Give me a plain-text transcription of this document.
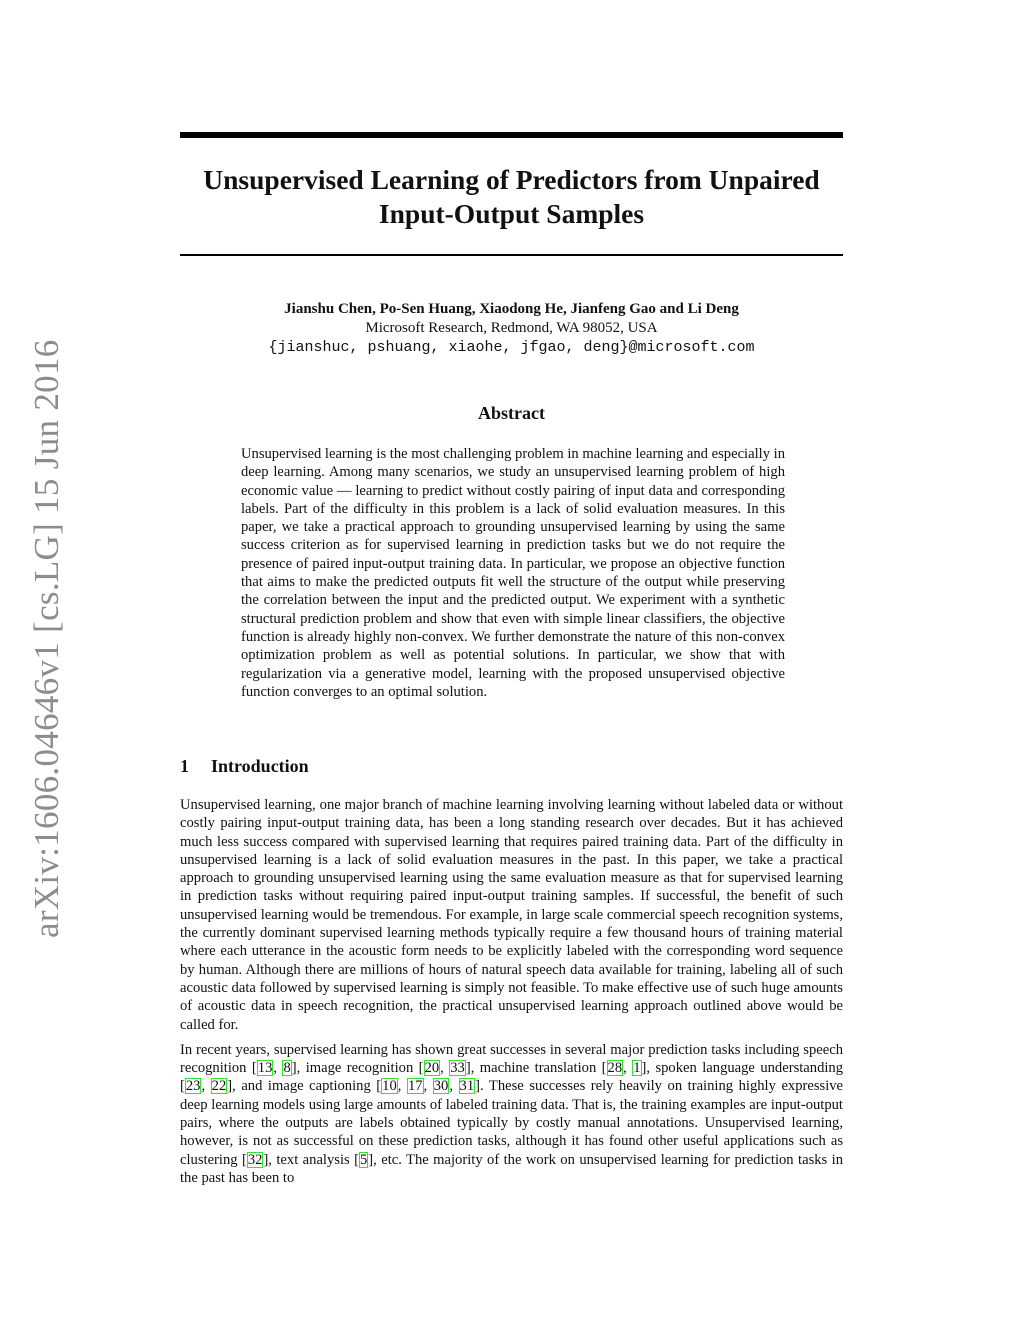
arXiv:1606.04646v1 [cs.LG] 15 Jun 2016
Unsupervised Learning of Predictors from Unpaired
Input-Output Samples
Jianshu Chen, Po-Sen Huang, Xiaodong He, Jianfeng Gao and Li Deng
Microsoft Research, Redmond, WA 98052, USA
{jianshuc, pshuang, xiaohe, jfgao, deng}@microsoft.com
Abstract
Unsupervised learning is the most challenging problem in machine learning and especially in deep learning. Among many scenarios, we study an unsupervised learning problem of high economic value — learning to predict without costly pairing of input data and corresponding labels. Part of the difficulty in this problem is a lack of solid evaluation measures. In this paper, we take a practical approach to grounding unsupervised learning by using the same success criterion as for supervised learning in prediction tasks but we do not require the presence of paired input-output training data. In particular, we propose an objective function that aims to make the predicted outputs fit well the structure of the output while preserving the correlation between the input and the predicted output. We experiment with a synthetic structural prediction problem and show that even with simple linear classifiers, the objective function is already highly non-convex. We further demonstrate the nature of this non-convex optimization problem as well as potential solutions. In particular, we show that with regularization via a generative model, learning with the proposed unsupervised objective function converges to an optimal solution.
1 Introduction

Unsupervised learning, one major branch of machine learning involving learning without labeled data or without costly pairing input-output training data, has been a long standing research over decades. But it has achieved much less success compared with supervised learning that requires paired training data. Part of the difficulty in unsupervised learning is a lack of solid evaluation measures in the past. In this paper, we take a practical approach to grounding unsupervised learning using the same evaluation measure as that for supervised learning in prediction tasks without requiring paired input-output training samples. If successful, the benefit of such unsupervised learning would be tremendous. For example, in large scale commercial speech recognition systems, the currently dominant supervised learning methods typically require a few thousand hours of training material where each utterance in the acoustic form needs to be explicitly labeled with the corresponding word sequence by human. Although there are millions of hours of natural speech data available for training, labeling all of such acoustic data followed by supervised learning is simply not feasible. To make effective use of such huge amounts of acoustic data in speech recognition, the practical unsupervised learning approach outlined above would be called for.

In recent years, supervised learning has shown great successes in several major prediction tasks including speech recognition [13, 8], image recognition [20, 33], machine translation [28, 1], spoken language understanding [23, 22], and image captioning [10, 17, 30, 31]. These successes rely heavily on training highly expressive deep learning models using large amounts of labeled training data. That is, the training examples are input-output pairs, where the outputs are labels obtained typically by costly manual annotations. Unsupervised learning, however, is not as successful on these prediction tasks, although it has found other useful applications such as clustering [32], text analysis [5], etc. The majority of the work on unsupervised learning for prediction tasks in the past has been to
